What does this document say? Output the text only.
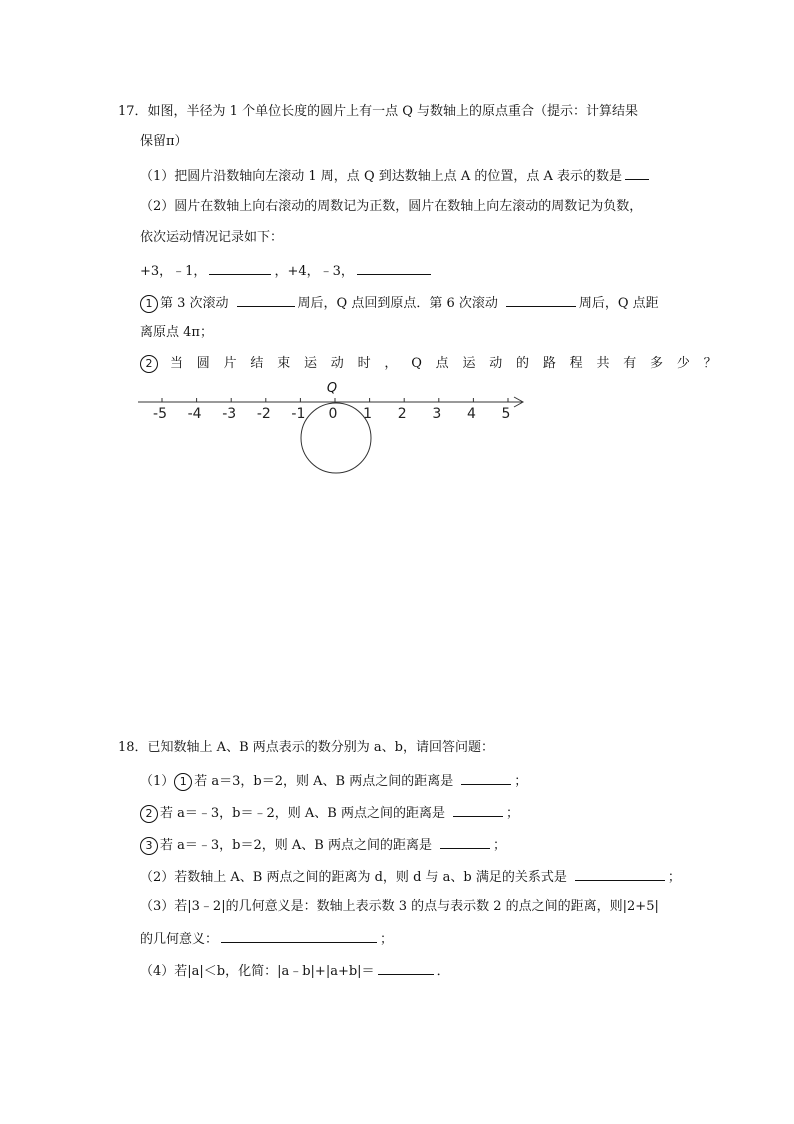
17．如图，半径为 1 个单位长度的圆片上有一点 Q 与数轴上的原点重合（提示：计算结果
保留π）
（1）把圆片沿数轴向左滚动 1 周，点 Q 到达数轴上点 A 的位置，点 A 表示的数是
（2）圆片在数轴上向右滚动的周数记为正数，圆片在数轴上向左滚动的周数记为负数，
依次运动情况记录如下：
+3，﹣1，	，+4，﹣3，
1 第 3 次滚动	周后，Q 点回到原点．第 6 次滚动	周后，Q 点距
离原点 4π；
2 当圆片结束运动时，Q点运动的路程共有多少？
-5 -4 -3 -2 -1 0 1 2 3 4 5
Q
18．已知数轴上 A、B 两点表示的数分别为 a、b，请回答问题：
（1） 1 若 a＝3，b＝2，则 A、B 两点之间的距离是	；
2 若 a＝﹣3，b＝﹣2，则 A、B 两点之间的距离是	；
3 若 a＝﹣3，b＝2，则 A、B 两点之间的距离是	；
（2）若数轴上 A、B 两点之间的距离为 d，则 d 与 a、b 满足的关系式是	；
（3）若|3﹣2|的几何意义是：数轴上表示数 3 的点与表示数 2 的点之间的距离，则|2+5|
的几何意义：	；
（4）若|a|＜b，化简：|a﹣b|+|a+b|＝	．
